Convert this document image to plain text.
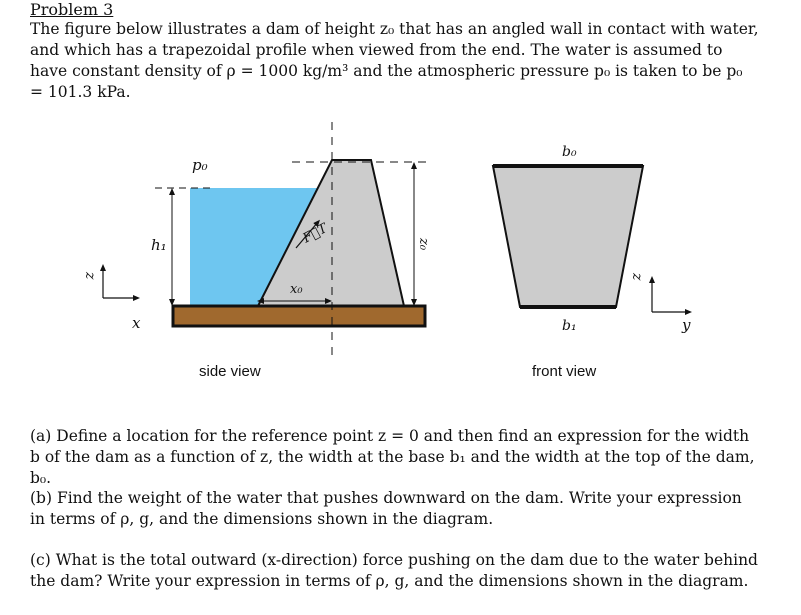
Problem 3

The figure below illustrates a dam of height z₀ that has an angled wall in contact with water, and which has a trapezoidal profile when viewed from the end. The water is assumed to have constant density of ρ = 1000 kg/m³ and the atmospheric pressure p₀ is taken to be p₀ = 101.3 kPa.

p₀
h₁	F⃗T
x₀
z₀
z
x
side view
b₀
b₁
z
y
front view

(a) Define a location for the reference point z = 0 and then find an expression for the width b of the dam as a function of z, the width at the base b₁ and the width at the top of the dam, b₀.

(b) Find the weight of the water that pushes downward on the dam. Write your expression in terms of ρ, g, and the dimensions shown in the diagram.

(c) What is the total outward (x-direction) force pushing on the dam due to the water behind the dam? Write your expression in terms of ρ, g, and the dimensions shown in the diagram.
